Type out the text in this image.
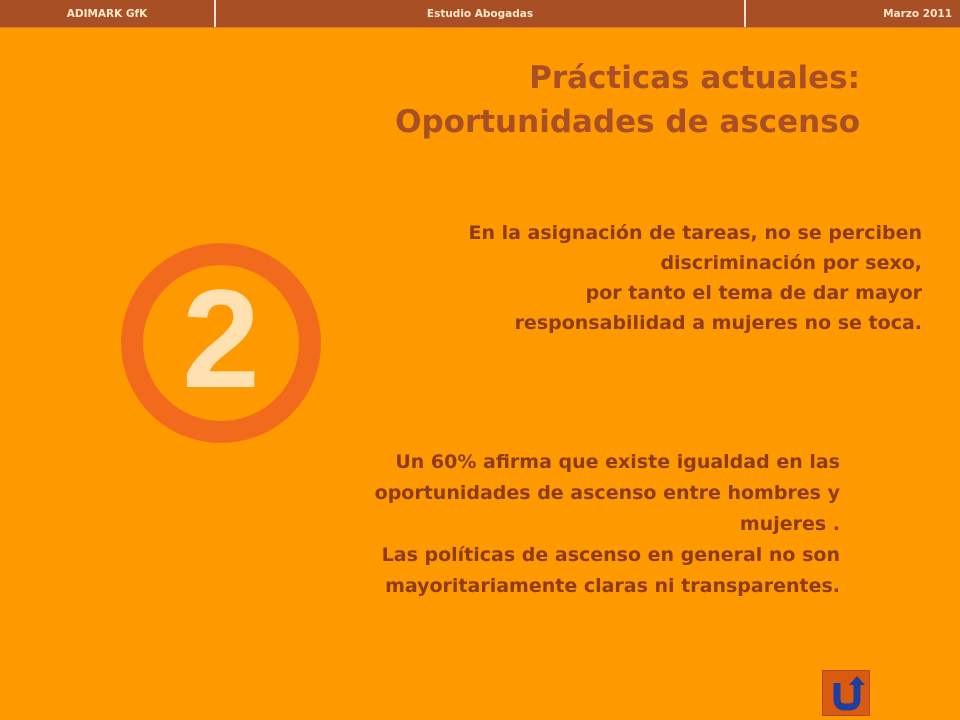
ADIMARK GfK	Estudio Abogadas	Marzo 2011
Prácticas actuales:
Oportunidades de ascenso
2

En la asignación de tareas, no se perciben

discriminación por sexo,

por tanto el tema de dar mayor

responsabilidad a mujeres no se toca.

Un 60% afirma que existe igualdad en las

oportunidades de ascenso entre hombres y

mujeres .

Las políticas de ascenso en general no son

mayoritariamente claras ni transparentes.
